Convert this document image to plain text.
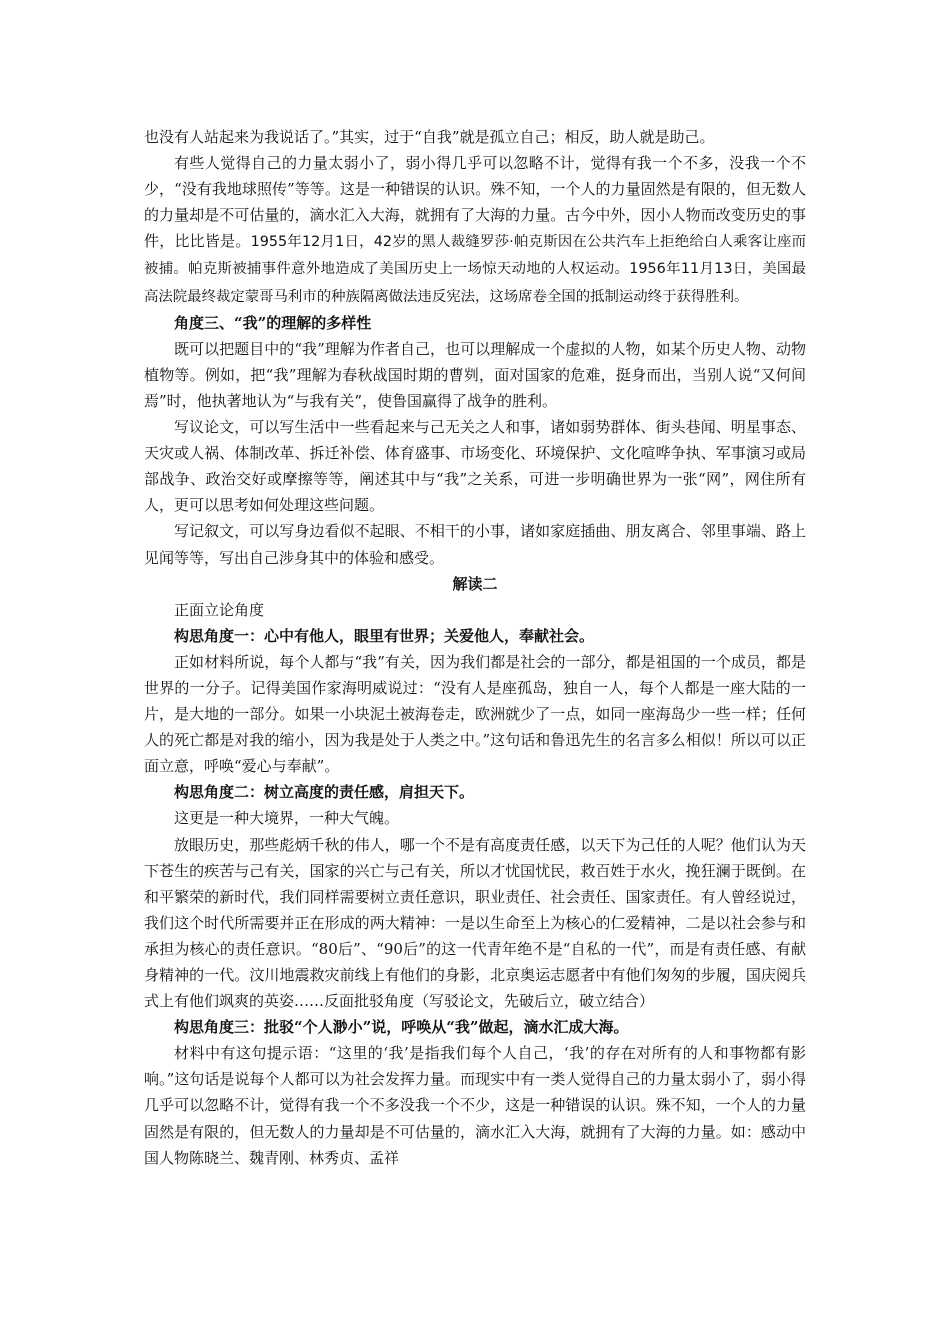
也没有人站起来为我说话了。”其实，过于“自我”就是孤立自己；相反，助人就是助己。

有些人觉得自己的力量太弱小了，弱小得几乎可以忽略不计，觉得有我一个不多，没我一个不少，“没有我地球照传”等等。这是一种错误的认识。殊不知，一个人的力量固然是有限的，但无数人的力量却是不可估量的，滴水汇入大海，就拥有了大海的力量。古今中外，因小人物而改变历史的事件，比比皆是。1955年12月1日，42岁的黑人裁缝罗莎·帕克斯因在公共汽车上拒绝给白人乘客让座而被捕。帕克斯被捕事件意外地造成了美国历史上一场惊天动地的人权运动。1956年11月13日，美国最高法院最终裁定蒙哥马利市的种族隔离做法违反宪法，这场席卷全国的抵制运动终于获得胜利。

角度三、“我”的理解的多样性

既可以把题目中的“我”理解为作者自己，也可以理解成一个虚拟的人物，如某个历史人物、动物植物等。例如，把“我”理解为春秋战国时期的曹刿，面对国家的危难，挺身而出，当别人说“又何间焉”时，他执著地认为“与我有关”，使鲁国赢得了战争的胜利。

写议论文，可以写生活中一些看起来与己无关之人和事，诸如弱势群体、街头巷闻、明星事态、天灾或人祸、体制改革、拆迁补偿、体育盛事、市场变化、环境保护、文化喧哗争执、军事演习或局部战争、政治交好或摩擦等等，阐述其中与“我”之关系，可进一步明确世界为一张“网”，网住所有人，更可以思考如何处理这些问题。

写记叙文，可以写身边看似不起眼、不相干的小事，诸如家庭插曲、朋友离合、邻里事端、路上见闻等等，写出自己涉身其中的体验和感受。

解读二

正面立论角度

构思角度一：心中有他人，眼里有世界；关爱他人，奉献社会。

正如材料所说，每个人都与“我”有关，因为我们都是社会的一部分，都是祖国的一个成员，都是世界的一分子。记得美国作家海明威说过：“没有人是座孤岛，独自一人，每个人都是一座大陆的一片，是大地的一部分。如果一小块泥土被海卷走，欧洲就少了一点，如同一座海岛少一些一样；任何人的死亡都是对我的缩小，因为我是处于人类之中。”这句话和鲁迅先生的名言多么相似！所以可以正面立意，呼唤“爱心与奉献”。

构思角度二：树立高度的责任感，肩担天下。

这更是一种大境界，一种大气魄。

放眼历史，那些彪炳千秋的伟人，哪一个不是有高度责任感，以天下为己任的人呢？他们认为天下苍生的疾苦与己有关，国家的兴亡与己有关，所以才忧国忧民，救百姓于水火，挽狂澜于既倒。在和平繁荣的新时代，我们同样需要树立责任意识，职业责任、社会责任、国家责任。有人曾经说过，我们这个时代所需要并正在形成的两大精神：一是以生命至上为核心的仁爱精神，二是以社会参与和承担为核心的责任意识。“80后”、“90后”的这一代青年绝不是“自私的一代”，而是有责任感、有献身精神的一代。汶川地震救灾前线上有他们的身影，北京奥运志愿者中有他们匆匆的步履，国庆阅兵式上有他们飒爽的英姿……反面批驳角度（写驳论文，先破后立，破立结合）

构思角度三：批驳“个人渺小”说，呼唤从“我”做起，滴水汇成大海。

材料中有这句提示语：“这里的‘我’是指我们每个人自己，‘我’的存在对所有的人和事物都有影响。”这句话是说每个人都可以为社会发挥力量。而现实中有一类人觉得自己的力量太弱小了，弱小得几乎可以忽略不计，觉得有我一个不多没我一个不少，这是一种错误的认识。殊不知，一个人的力量固然是有限的，但无数人的力量却是不可估量的，滴水汇入大海，就拥有了大海的力量。如：感动中国人物陈晓兰、魏青刚、林秀贞、孟祥
